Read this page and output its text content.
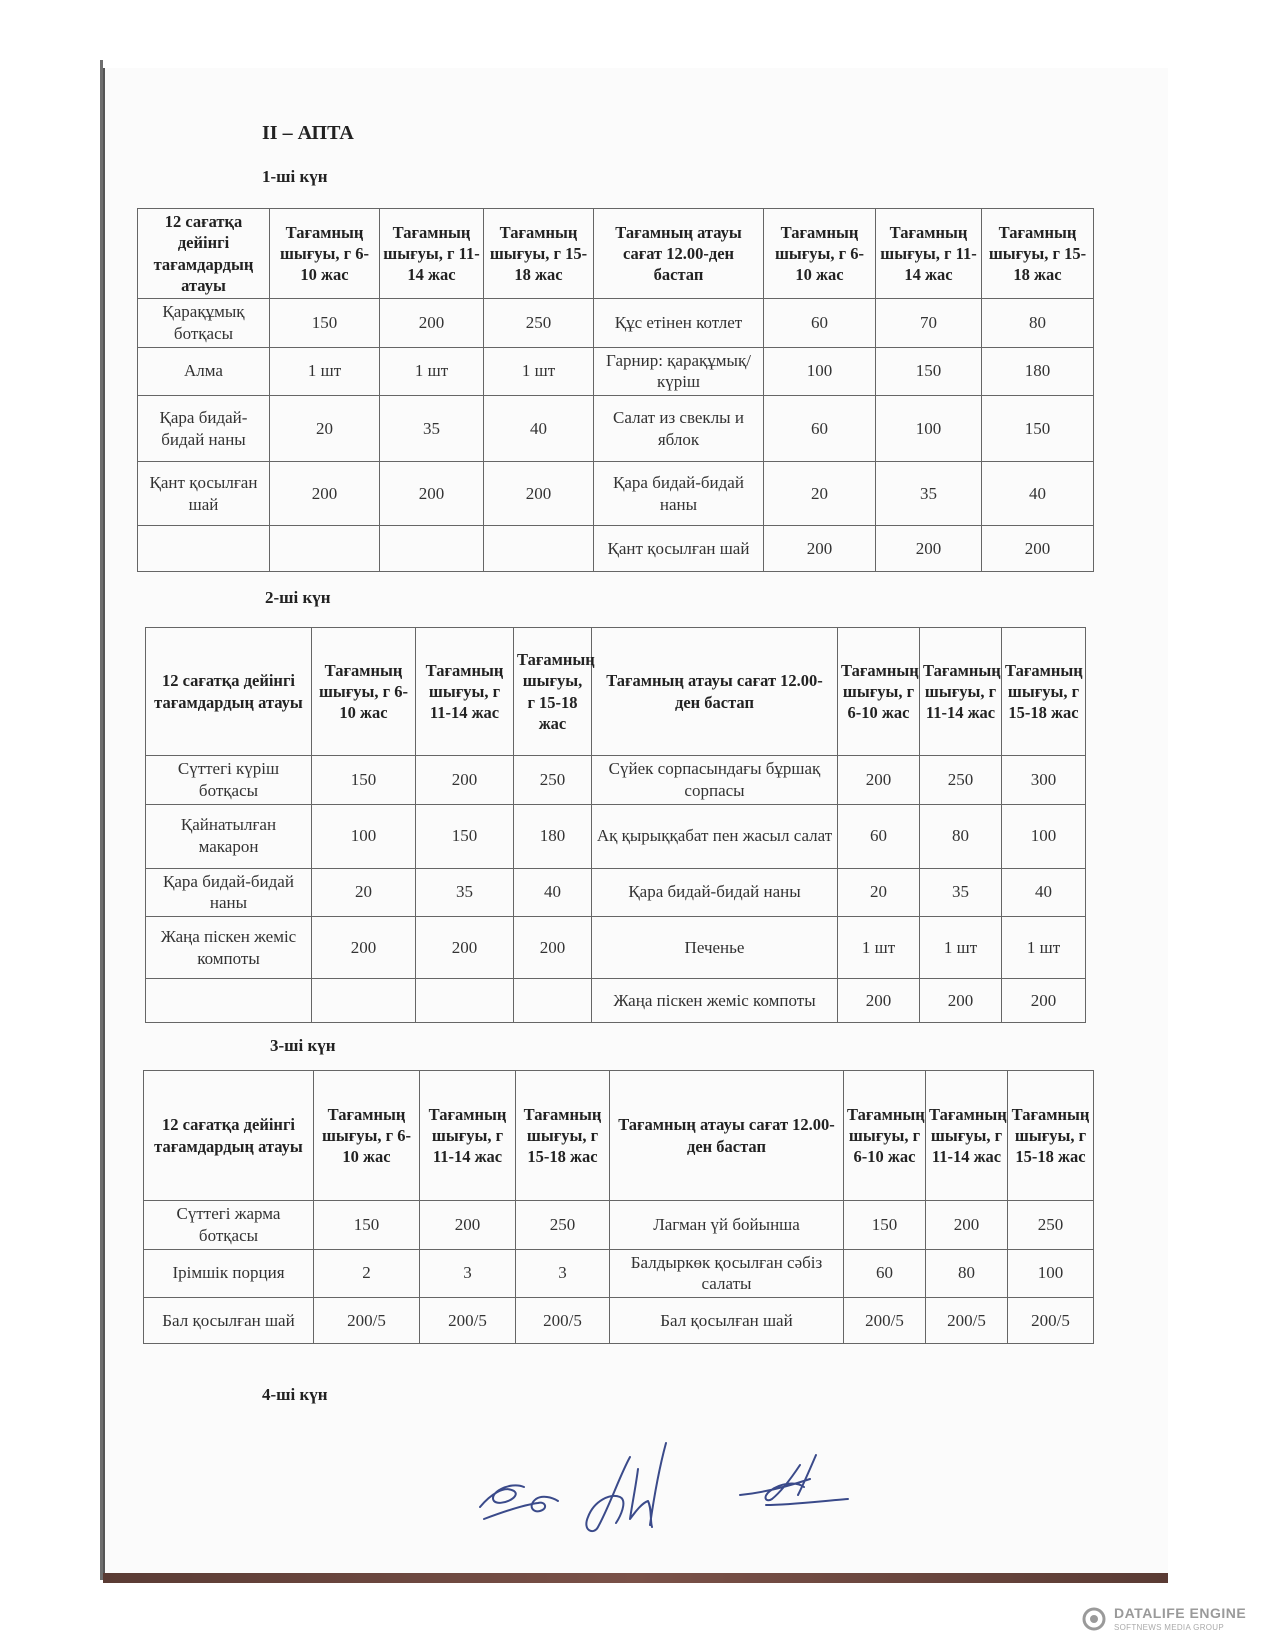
II – АПТА
1-ші күн
12 сағатқа дейінгі тағамдардың атауы	Тағамның шығуы, г 6-10 жас	Тағамның шығуы, г 11-14 жас	Тағамның шығуы, г 15-18 жас	Тағамның атауы сағат 12.00-ден бастап	Тағамның шығуы, г 6-10 жас	Тағамның шығуы, г 11-14 жас	Тағамның шығуы, г 15-18 жас
Қарақұмық ботқасы	150	200	250	Құс етінен котлет	60	70	80
Алма	1 шт	1 шт	1 шт	Гарнир: қарақұмық/күріш	100	150	180
Қара бидай-бидай наны	20	35	40	Салат из свеклы и яблок	60	100	150
Қант қосылған шай	200	200	200	Қара бидай-бидай наны	20	35	40
				Қант қосылған шай	200	200	200
2-ші күн
12 сағатқа дейінгі тағамдардың атауы	Тағамның шығуы, г 6-10 жас	Тағамның шығуы, г 11-14 жас	Тағамның шығуы, г 15-18 жас	Тағамның атауы сағат 12.00-ден бастап	Тағамның шығуы, г 6-10 жас	Тағамның шығуы, г 11-14 жас	Тағамның шығуы, г 15-18 жас
Сүттегі күріш ботқасы	150	200	250	Сүйек сорпасындағы бұршақ сорпасы	200	250	300
Қайнатылған макарон	100	150	180	Ақ қырыққабат пен жасыл салат	60	80	100
Қара бидай-бидай наны	20	35	40	Қара бидай-бидай наны	20	35	40
Жаңа піскен жеміс компоты	200	200	200	Печенье	1 шт	1 шт	1 шт
				Жаңа піскен жеміс компоты	200	200	200
3-ші күн
12 сағатқа дейінгі тағамдардың атауы	Тағамның шығуы, г 6-10 жас	Тағамның шығуы, г 11-14 жас	Тағамның шығуы, г 15-18 жас	Тағамның атауы сағат 12.00-ден бастап	Тағамның шығуы, г 6-10 жас	Тағамның шығуы, г 11-14 жас	Тағамның шығуы, г 15-18 жас
Сүттегі жарма ботқасы	150	200	250	Лагман үй бойынша	150	200	250
Ірімшік порция	2	3	3	Балдыркөк қосылған сәбіз салаты	60	80	100
Бал қосылған шай	200/5	200/5	200/5	Бал қосылған шай	200/5	200/5	200/5
4-ші күн
DATALIFE ENGINE
SOFTNEWS MEDIA GROUP
